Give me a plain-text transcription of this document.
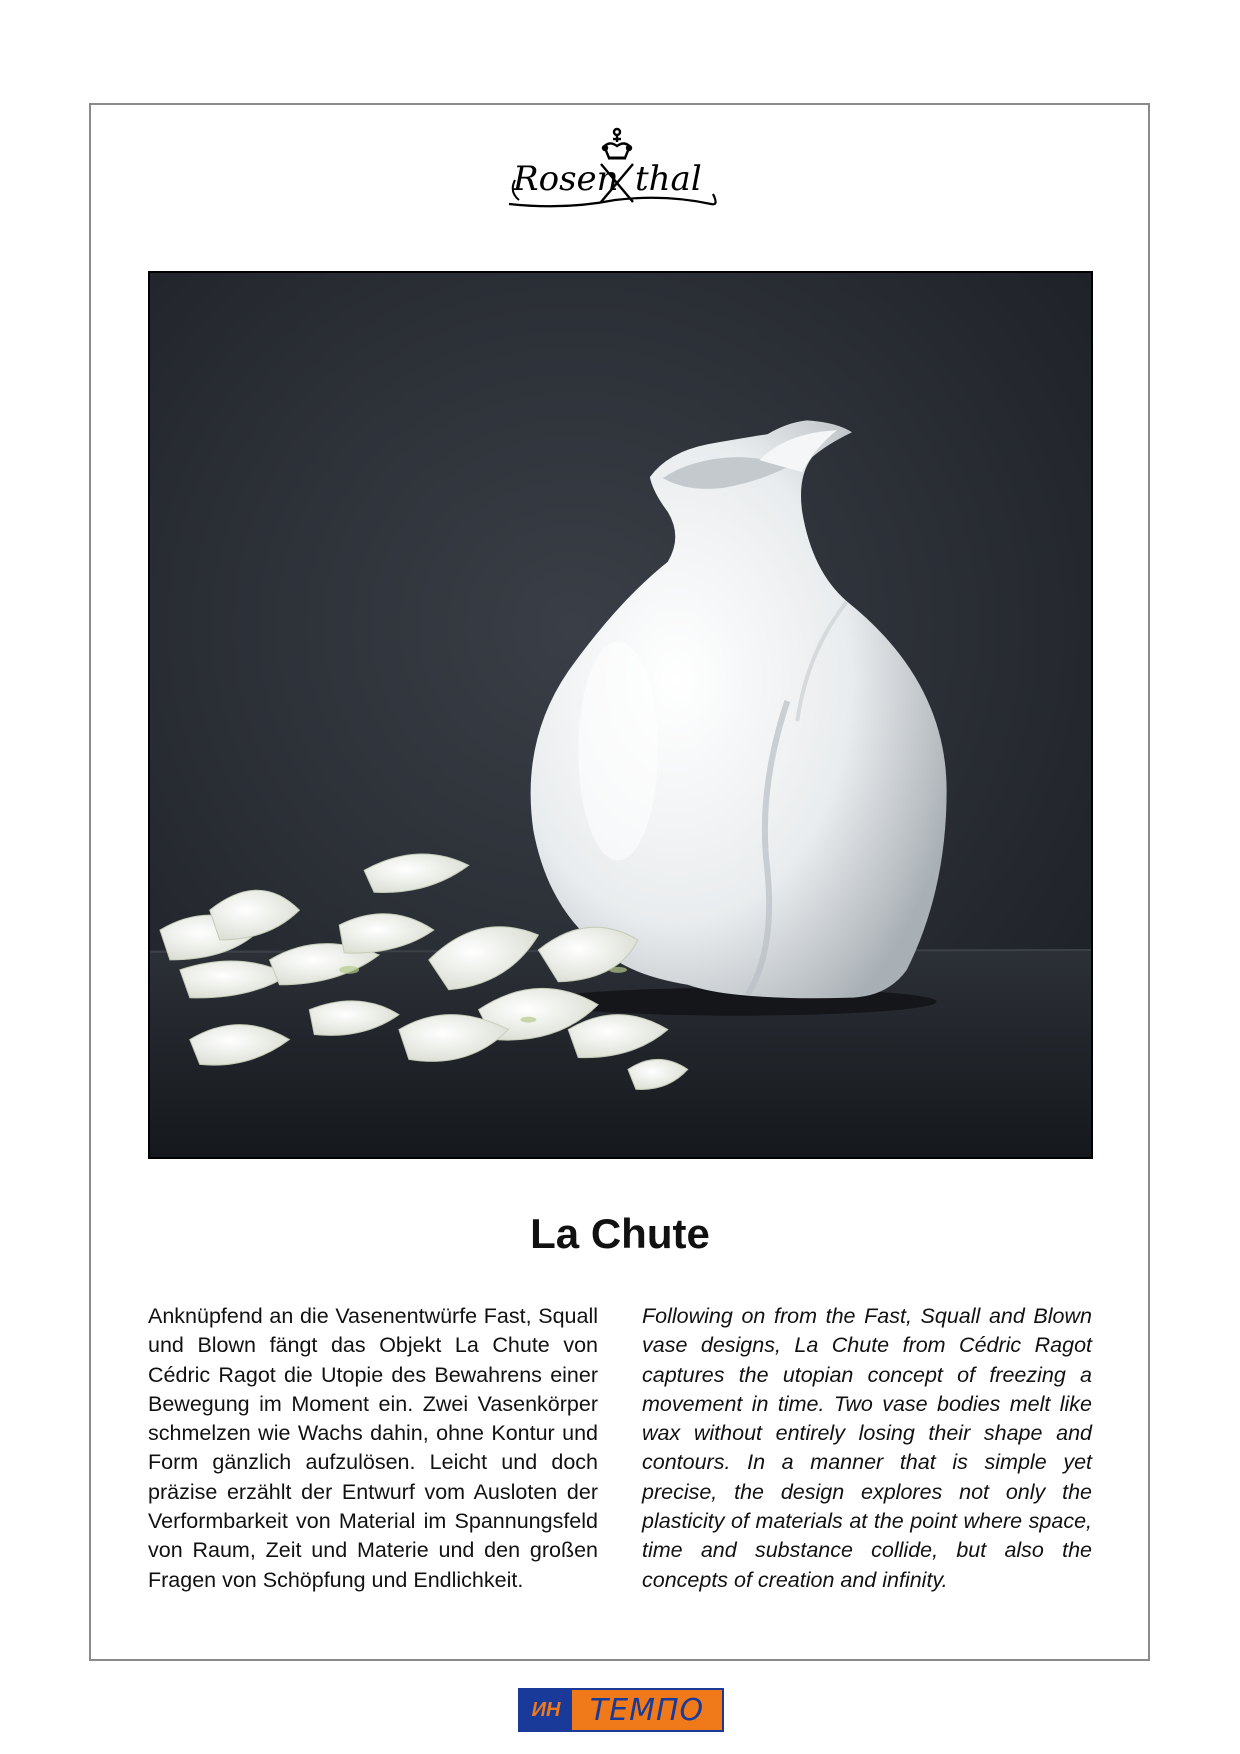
Rosen thal
La Chute

Anknüpfend an die Vasenentwürfe Fast, Squall und Blown fängt das Objekt La Chute von Cédric Ragot die Utopie des Bewahrens einer Bewegung im Moment ein. Zwei Vasenkörper schmelzen wie Wachs dahin, ohne Kontur und Form gänzlich aufzulösen. Leicht und doch präzise erzählt der Entwurf vom Ausloten der Verformbarkeit von Material im Spannungsfeld von Raum, Zeit und Materie und den großen Fragen von Schöpfung und Endlichkeit.

Following on from the Fast, Squall and Blown vase designs, La Chute from Cédric Ragot captures the utopian concept of freezing a movement in time. Two vase bodies melt like wax without entirely losing their shape and contours. In a manner that is simple yet precise, the design explores not only the plasticity of materials at the point where space, time and substance collide, but also the concepts of creation and infinity.

ИН ТЕМПО
